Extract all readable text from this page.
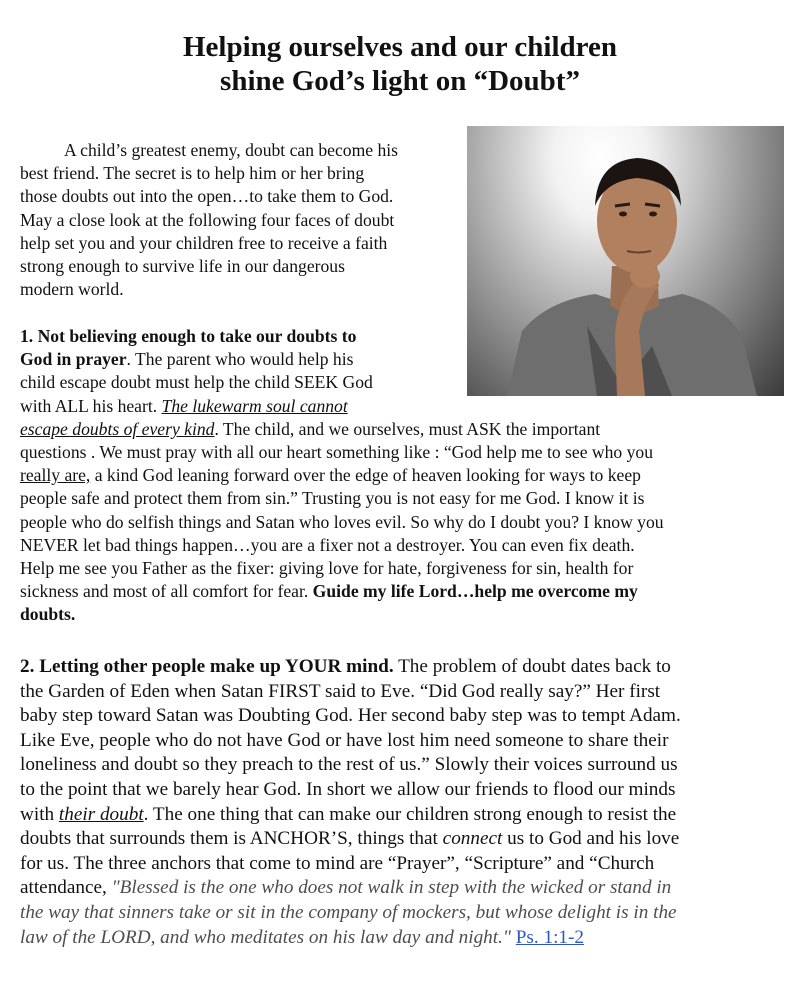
Helping ourselves and our children
shine God’s light on “Doubt”
A child’s greatest enemy, doubt can become his
best friend. The secret is to help him or her bring
those doubts out into the open…to take them to God.
May a close look at the following four faces of doubt
help set you and your children free to receive a faith
strong enough to survive life in our dangerous
modern world.
1. Not believing enough to take our doubts to
God in prayer. The parent who would help his
child escape doubt must help the child SEEK God
with ALL his heart. The lukewarm soul cannot
escape doubts of every kind. The child, and we ourselves, must ASK the important
questions . We must pray with all our heart something like : “God help me to see who you
really are, a kind God leaning forward over the edge of heaven looking for ways to keep
people safe and protect them from sin.” Trusting you is not easy for me God. I know it is
people who do selfish things and Satan who loves evil. So why do I doubt you? I know you
NEVER let bad things happen…you are a fixer not a destroyer. You can even fix death.
Help me see you Father as the fixer: giving love for hate, forgiveness for sin, health for
sickness and most of all comfort for fear. Guide my life Lord…help me overcome my
doubts.
2. Letting other people make up YOUR mind. The problem of doubt dates back to
the Garden of Eden when Satan FIRST said to Eve. “Did God really say?” Her first
baby step toward Satan was Doubting God. Her second baby step was to tempt Adam.
Like Eve, people who do not have God or have lost him need someone to share their
loneliness and doubt so they preach to the rest of us.” Slowly their voices surround us
to the point that we barely hear God. In short we allow our friends to flood our minds
with their doubt. The one thing that can make our children strong enough to resist the
doubts that surrounds them is ANCHOR’S, things that connect us to God and his love
for us. The three anchors that come to mind are “Prayer”, “Scripture” and “Church
attendance, "Blessed is the one who does not walk in step with the wicked or stand in
the way that sinners take or sit in the company of mockers, but whose delight is in the
law of the LORD, and who meditates on his law day and night." Ps. 1:1-2
